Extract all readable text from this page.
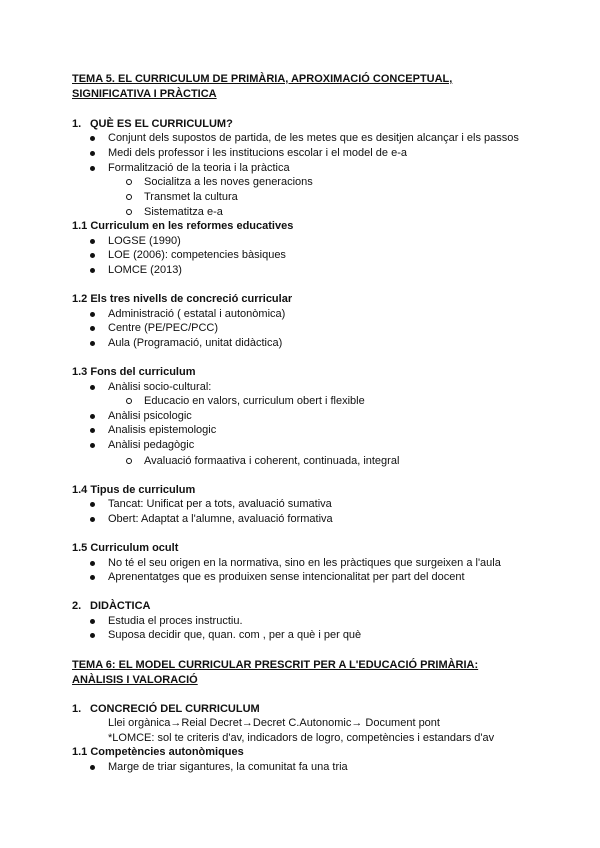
TEMA 5. EL CURRICULUM DE PRIMÀRIA, APROXIMACIÓ CONCEPTUAL,
SIGNIFICATIVA I PRÀCTICA
1. QUÈ ES EL CURRICULUM?
Conjunt dels supostos de partida, de les metes que es desitjen alcançar i els passos
Medi dels professor i les institucions escolar i el model de e-a
Formalització de la teoria i la pràctica
Socialitza a les noves generacions
Transmet la cultura
Sistematitza e-a
1.1 Curriculum en les reformes educatives
LOGSE (1990)
LOE (2006): competencies bàsiques
LOMCE (2013)
1.2 Els tres nivells de concreció curricular
Administració ( estatal i autonòmica)
Centre (PE/PEC/PCC)
Aula (Programació, unitat didàctica)
1.3 Fons del curriculum
Anàlisi socio-cultural:
Educacio en valors, curriculum obert i flexible
Anàlisi psicologic
Analisis epistemologic
Anàlisi pedagògic
Avaluació formaativa i coherent, continuada, integral
1.4 Tipus de curriculum
Tancat: Unificat per a tots, avaluació sumativa
Obert: Adaptat a l'alumne, avaluació formativa
1.5 Curriculum ocult
No té el seu origen en la normativa, sino en les pràctiques que surgeixen a l'aula
Aprenentatges que es produixen sense intencionalitat per part del docent
2. DIDÀCTICA
Estudia el proces instructiu.
Suposa decidir que, quan. com , per a què i per què
TEMA 6: EL MODEL CURRICULAR PRESCRIT PER A L'EDUCACIÓ PRIMÀRIA:
ANÀLISIS I VALORACIÓ
1. CONCRECIÓ DEL CURRICULUM
Llei orgànica→Reial Decret→Decret C.Autonomic→ Document pont
*LOMCE: sol te criteris d'av, indicadors de logro, competències i estandars d'av
1.1 Competències autonòmiques
Marge de triar sigantures, la comunitat fa una tria
